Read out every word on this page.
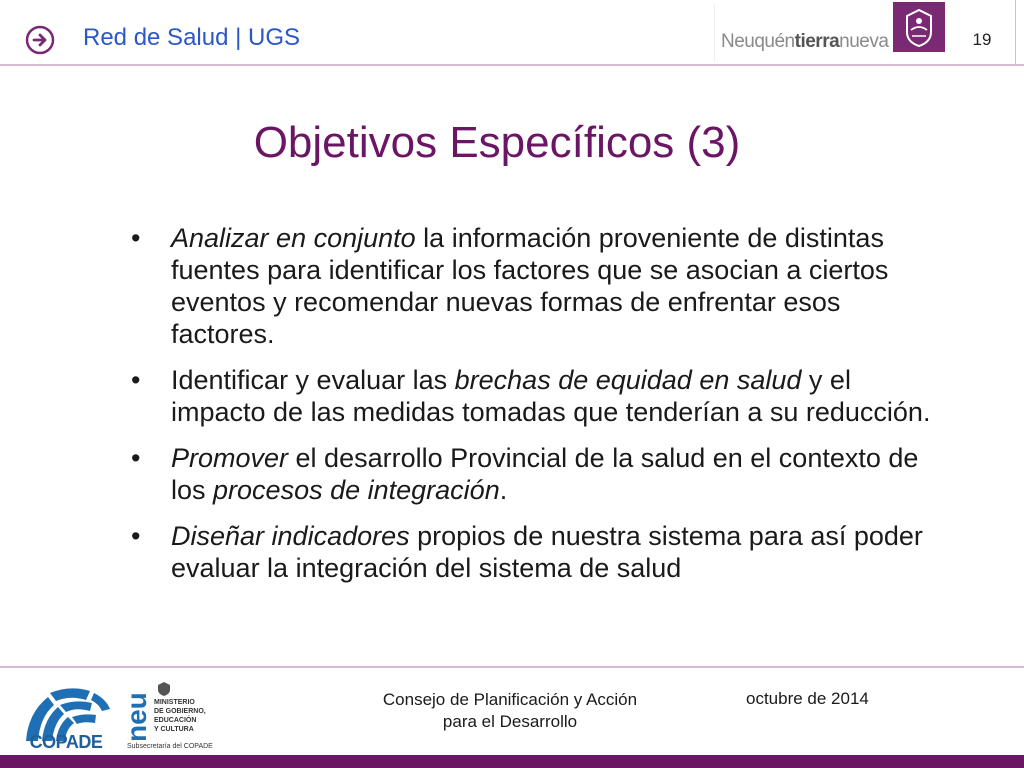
Red de Salud | UGS	Neuquéntierranueva	19
Objetivos Específicos (3)
• Analizar en conjunto la información proveniente de distintas fuentes para identificar los factores que se asocian a ciertos eventos y recomendar nuevas formas de enfrentar esos factores.
• Identificar y evaluar las brechas de equidad en salud y el impacto de las medidas tomadas que tenderían a su reducción.
• Promover el desarrollo Provincial de la salud en el contexto de los procesos de integración.
• Diseñar indicadores propios de nuestra sistema para así poder evaluar la integración del sistema de salud
COPADE neu MINISTERIO
DE GOBIERNO,
EDUCACIÓN
Y CULTURA
Subsecretaría del COPADE
Consejo de Planificación y Acción
para el Desarrollo
octubre de 2014
